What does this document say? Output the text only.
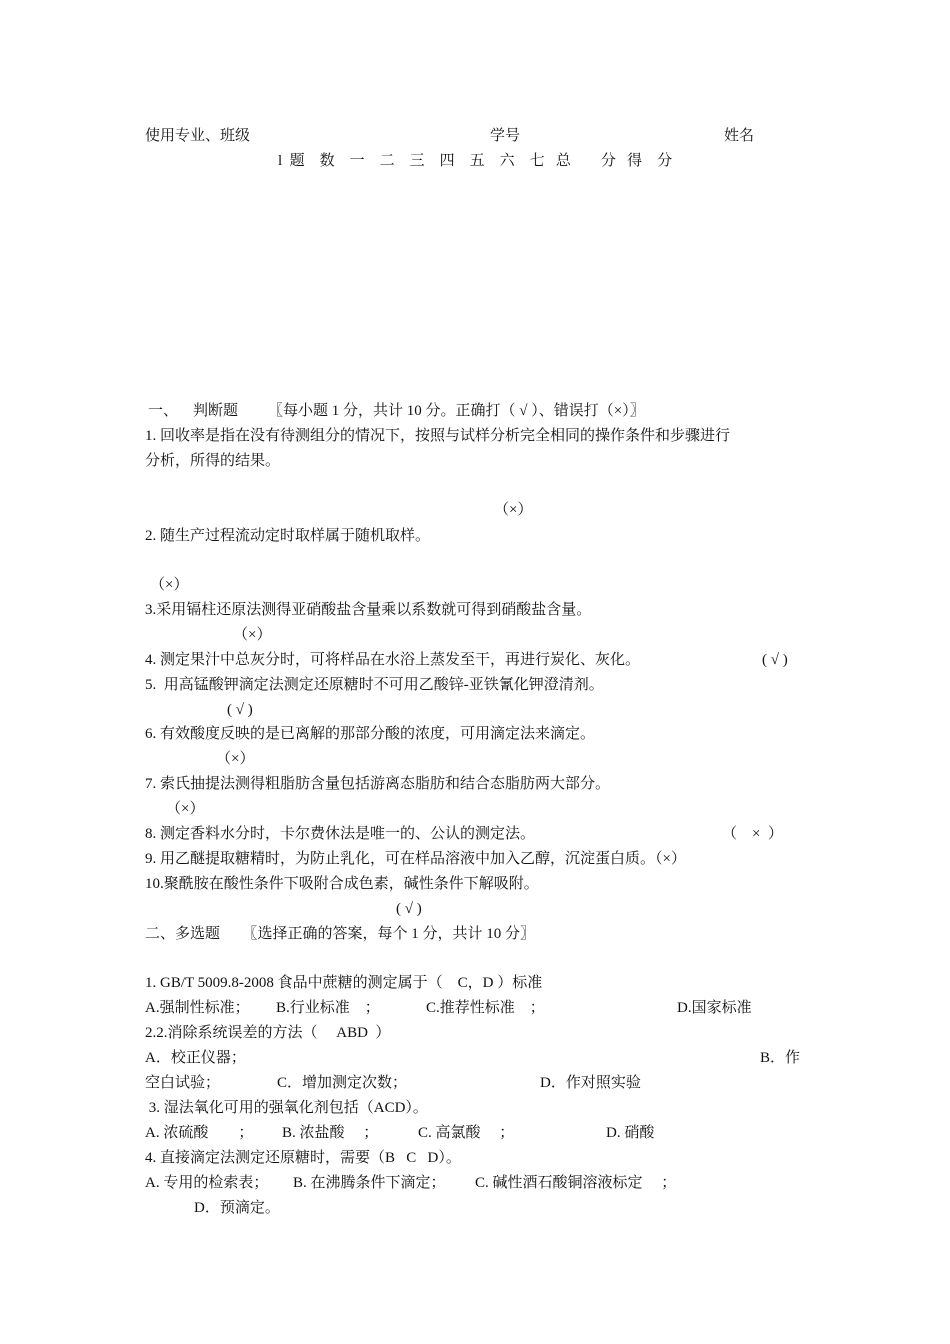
使用专业、班级	学号	姓名
l  题    数    一    二    三    四    五    六    七   总        分   得    分
一、    判断题        〖每小题 1 分，共计 10 分。正确打（ √ ）、错误打（×）〗
1. 回收率是指在没有待测组分的情况下，按照与试样分析完全相同的操作条件和步骤进行
分析，所得的结果。
（×）
2. 随生产过程流动定时取样属于随机取样。
（×）
3.采用镉柱还原法测得亚硝酸盐含量乘以系数就可得到硝酸盐含量。
（×）
4. 测定果汁中总灰分时，可将样品在水浴上蒸发至干，再进行炭化、灰化。	( √ )
5.  用高锰酸钾滴定法测定还原糖时不可用乙酸锌-亚铁氰化钾澄清剂。
( √ )
6. 有效酸度反映的是已离解的那部分酸的浓度，可用滴定法来滴定。
（×）
7. 索氏抽提法测得粗脂肪含量包括游离态脂肪和结合态脂肪两大部分。
（×）
8. 测定香料水分时，卡尔费休法是唯一的、公认的测定法。	（    ×  ）
9. 用乙醚提取糖精时，为防止乳化，可在样品溶液中加入乙醇，沉淀蛋白质。（×）
10.聚酰胺在酸性条件下吸附合成色素，碱性条件下解吸附。
( √ )
二、多选题      〖选择正确的答案，每个 1 分，共计 10 分〗
1. GB/T 5009.8-2008 食品中蔗糖的测定属于（    C，D ）标准
A.强制性标准； B.行业标准    ；	C.推荐性标准    ；	D.国家标准
2.2.消除系统误差的方法（     ABD  ）
A．校正仪器；	B．作
空白试验；	C．增加测定次数；	D．作对照实验
3. 湿法氧化可用的强氧化剂包括（ACD）。
A. 浓硫酸        ； B. 浓盐酸     ；	C. 高氯酸     ；	D. 硝酸
4. 直接滴定法测定还原糖时，需要（B   C   D）。
A. 专用的检索表； B. 在沸腾条件下滴定； C. 碱性酒石酸铜溶液标定     ；
D．预滴定。
